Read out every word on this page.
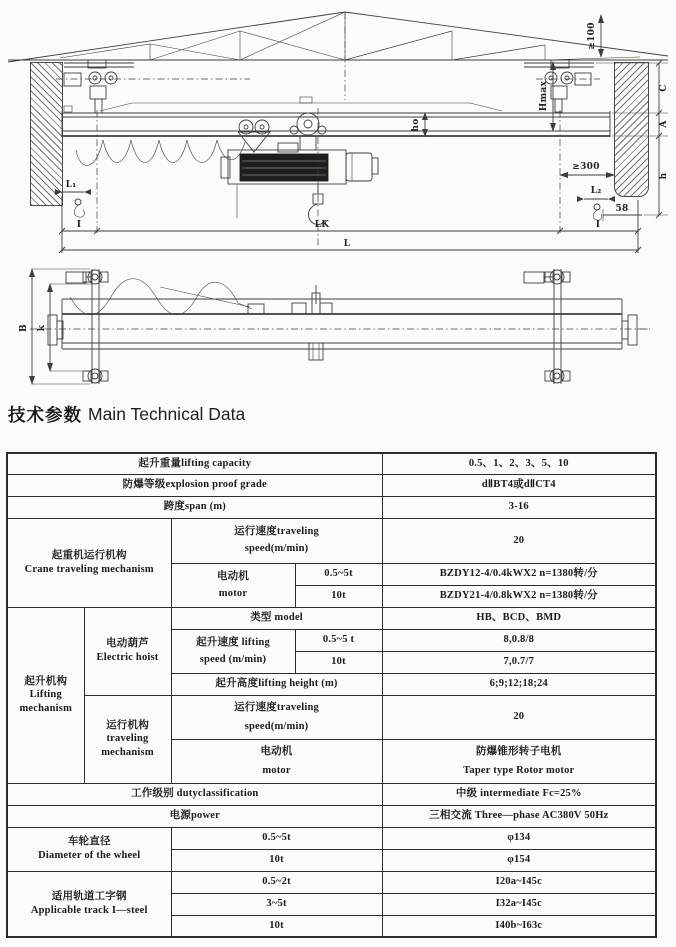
≥100
Hmax
ho
≥300
58
L₁
L₂
I	LK	I
L
C
A
h
B k
技术参数 Main Technical Data
起升重量lifting capacity				0.5、1、2、3、5、10
防爆等级explosion proof grade				dⅡBT4或dⅡCT4
跨度span (m)				3-16

起重机运行机构
Crane traveling mechanism		运行速度traveling
speed(m/min)		20

		电动机
motor	0.5~5t	BZDY12-4/0.4kWX2 n=1380转/分
			10t	BZDY21-4/0.8kWX2 n=1380转/分

起升机构
Lifting mechanism	电动葫芦
Electric hoist	类型 model		HB、BCD、BMD

		起升速度 lifting
speed (m/min)	0.5~5 t	8,0.8/8
			10t	7,0.7/7
		起升高度lifting height (m)		6;9;12;18;24

	运行机构
traveling mechanism	运行速度traveling
speed(m/min)		20

		电动机
motor		防爆锥形转子电机
Taper type Rotor motor

工作级别 dutyclassification				中级 intermediate Fc=25%
电源power				三相交流 Three—phase AC380V 50Hz

车轮直径
Diameter of the wheel		0.5~5t		φ134
		10t		φ154

适用轨道工字钢
Applicable track I—steel		0.5~2t		I20a~I45c
		3~5t		I32a~I45c
		10t		I40b~I63c
